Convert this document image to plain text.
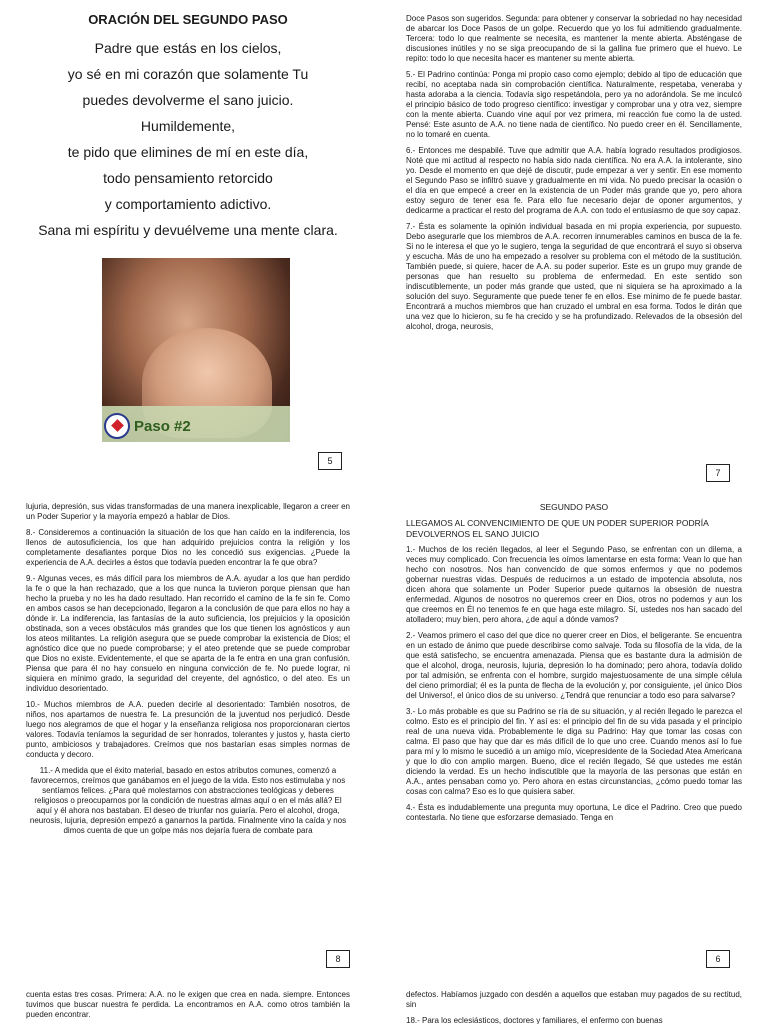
ORACIÓN DEL SEGUNDO PASO
Padre que estás en los cielos,
yo sé en mi corazón que solamente Tu
puedes devolverme el sano juicio.
Humildemente,
te pido que elimines de mí en este día,
todo pensamiento retorcido
y comportamiento adictivo.
Sana mi espíritu y devuélveme una mente clara.
Paso #2
5

Doce Pasos son sugeridos. Segunda: para obtener y conservar la sobriedad no hay necesidad de abarcar los Doce Pasos de un golpe. Recuerdo que yo los fui admitiendo gradualmente. Tercera: todo lo que realmente se necesita, es mantener la mente abierta. Absténgase de discusiones inútiles y no se siga preocupando de si la gallina fue primero que el huevo. Le repito: todo lo que necesita hacer es mantener su mente abierta.

5.- El Padrino continúa: Ponga mi propio caso como ejemplo; debido al tipo de educación que recibí, no aceptaba nada sin comprobación científica. Naturalmente, respetaba, veneraba y hasta adoraba a la ciencia. Todavía sigo respetándola, pero ya no adorándola. Se me inculcó el principio básico de todo progreso científico: investigar y comprobar una y otra vez, siempre con la mente abierta. Cuando vine aquí por vez primera, mi reacción fue como la de usted. Pensé: Este asunto de A.A. no tiene nada de científico. No puedo creer en él. Sencillamente, no lo tomaré en cuenta.

6.- Entonces me despabilé. Tuve que admitir que A.A. había logrado resultados prodigiosos. Noté que mi actitud al respecto no había sido nada científica. No era A.A. la intolerante, sino yo. Desde el momento en que dejé de discutir, pude empezar a ver y sentir. En ese momento el Segundo Paso se infiltró suave y gradualmente en mi vida. No puedo precisar la ocasión o el día en que empecé a creer en la existencia de un Poder más grande que yo, pero ahora estoy seguro de tener esa fe. Para ello fue necesario dejar de oponer argumentos, y dedicarme a practicar el resto del programa de A.A. con todo el entusiasmo de que soy capaz.

7.- Ésta es solamente la opinión individual basada en mi propia experiencia, por supuesto. Debo asegurarle que los miembros de A.A. recorren innumerables caminos en busca de la fe. Si no le interesa el que yo le sugiero, tenga la seguridad de que encontrará el suyo si observa y escucha. Más de uno ha empezado a resolver su problema con el método de la sustitución. También puede, si quiere, hacer de A.A. su poder superior. Este es un grupo muy grande de personas que han resuelto su problema de enfermedad. En este sentido son indiscutiblemente, un poder más grande que usted, que ni siquiera se ha aproximado a la solución del suyo. Seguramente que puede tener fe en ellos. Ese mínimo de fe puede bastar. Encontrará a muchos miembros que han cruzado el umbral en esa forma. Todos le dirán que una vez que lo hicieron, su fe ha crecido y se ha profundizado. Relevados de la obsesión del alcohol, droga, neurosis,

7

lujuria, depresión, sus vidas transformadas de una manera inexplicable, llegaron a creer en un Poder Superior y la mayoría empezó a hablar de Dios.

8.- Consideremos a continuación la situación de los que han caído en la indiferencia, los llenos de autosuficiencia, los que han adquirido prejuicios contra la religión y los completamente desafiantes porque Dios no les concedió sus exigencias. ¿Puede la experiencia de A.A. decirles a éstos que todavía pueden encontrar la fe que obra?

9.- Algunas veces, es más difícil para los miembros de A.A. ayudar a los que han perdido la fe o que la han rechazado, que a los que nunca la tuvieron porque piensan que han hecho la prueba y no les ha dado resultado. Han recorrido el camino de la fe sin fe. Como en ambos casos se han decepcionado, llegaron a la conclusión de que para ellos no hay a dónde ir. La indiferencia, las fantasías de la auto suficiencia, los prejuicios y la oposición obstinada, son a veces obstáculos más grandes que los que tienen los agnósticos y aun los ateos militantes. La religión asegura que se puede comprobar la existencia de Dios; el agnóstico dice que no puede comprobarse; y el ateo pretende que se puede comprobar que Dios no existe. Evidentemente, el que se aparta de la fe entra en una gran confusión. Piensa que para él no hay consuelo en ninguna convicción de fe. No puede lograr, ni siquiera en mínimo grado, la seguridad del creyente, del agnóstico, o del ateo. Es un individuo desorientado.

10.- Muchos miembros de A.A. pueden decirle al desorientado: También nosotros, de niños, nos apartamos de nuestra fe. La presunción de la juventud nos perjudicó. Desde luego nos alegramos de que el hogar y la enseñanza religiosa nos proporcionaran ciertos valores. Todavía teníamos la seguridad de ser honrados, tolerantes y justos y, hasta cierto punto, ambiciosos y trabajadores. Creímos que nos bastarían esas simples normas de conducta y decoro.

11.- A medida que el éxito material, basado en estos atributos comunes, comenzó a favorecernos, creímos que ganábamos en el juego de la vida. Esto nos estimulaba y nos sentíamos felices. ¿Para qué molestarnos con abstracciones teológicas y deberes religiosos o preocuparnos por la condición de nuestras almas aquí o en el más allá? El aquí y él ahora nos bastaban. El deseo de triunfar nos guiaría. Pero el alcohol, droga, neurosis, lujuria, depresión empezó a ganarnos la partida. Finalmente vino la caída y nos dimos cuenta de que un golpe más nos dejaría fuera de combate para

8
SEGUNDO PASO
LLEGAMOS AL CONVENCIMIENTO DE QUE UN PODER SUPERIOR PODRÍA DEVOLVERNOS EL SANO JUICIO

1.- Muchos de los recién llegados, al leer el Segundo Paso, se enfrentan con un dilema, a veces muy complicado. Con frecuencia les oímos lamentarse en esta forma: Vean lo que han hecho con nosotros. Nos han convencido de que somos enfermos y que no podemos gobernar nuestras vidas. Después de reducirnos a un estado de impotencia absoluta, nos dicen ahora que solamente un Poder Superior puede quitarnos la obsesión de nuestra enfermedad. Algunos de nosotros no queremos creer en Dios, otros no podemos y aun los que creemos en Él no tenemos fe en que haga este milagro. Sí, ustedes nos han sacado del atolladero; muy bien, pero ahora, ¿de aquí a dónde vamos?

2.- Veamos primero el caso del que dice no querer creer en Dios, el beligerante. Se encuentra en un estado de ánimo que puede describirse como salvaje. Toda su filosofía de la vida, de la que está satisfecho, se encuentra amenazada. Piensa que es bastante dura la admisión de que el alcohol, droga, neurosis, lujuria, depresión lo ha dominado; pero ahora, todavía dolido por tal admisión, se enfrenta con el hombre, surgido majestuosamente de una simple célula del cieno primordial; él es la punta de flecha de la evolución y, por consiguiente, ¡el único Dios del Universo!, el único dios de su universo. ¿Tendrá que renunciar a todo eso para salvarse?

3.- Lo más probable es que su Padrino se ría de su situación, y al recién llegado le parezca el colmo. Esto es el principio del fin. Y así es: el principio del fin de su vida pasada y el principio real de una nueva vida. Probablemente le diga su Padrino: Hay que tomar las cosas con calma. El paso que hay que dar es más difícil de lo que uno cree. Cuando menos así lo fue para mí y lo mismo le sucedió a un amigo mío, vicepresidente de la Sociedad Atea Americana y que lo dio con amplio margen. Bueno, dice el recién llegado, Sé que ustedes me están diciendo la verdad. Es un hecho indiscutible que la mayoría de las personas que están en A.A., antes pensaban como yo. Pero ahora en estas circunstancias, ¿cómo puedo tomar las cosas con calma? Eso es lo que quisiera saber.

4.- Ésta es indudablemente una pregunta muy oportuna, Le dice el Padrino. Creo que puedo contestarla. No tiene que esforzarse demasiado. Tenga en

6

cuenta estas tres cosas. Primera: A.A. no le exigen que crea en nada. siempre. Entonces tuvimos que buscar nuestra fe perdida. La encontramos en A.A. como otros también la pueden encontrar.

defectos. Habíamos juzgado con desdén a aquellos que estaban muy pagados de su rectitud, sin

18.- Para los eclesiásticos, doctores y familiares, el enfermo con buenas
